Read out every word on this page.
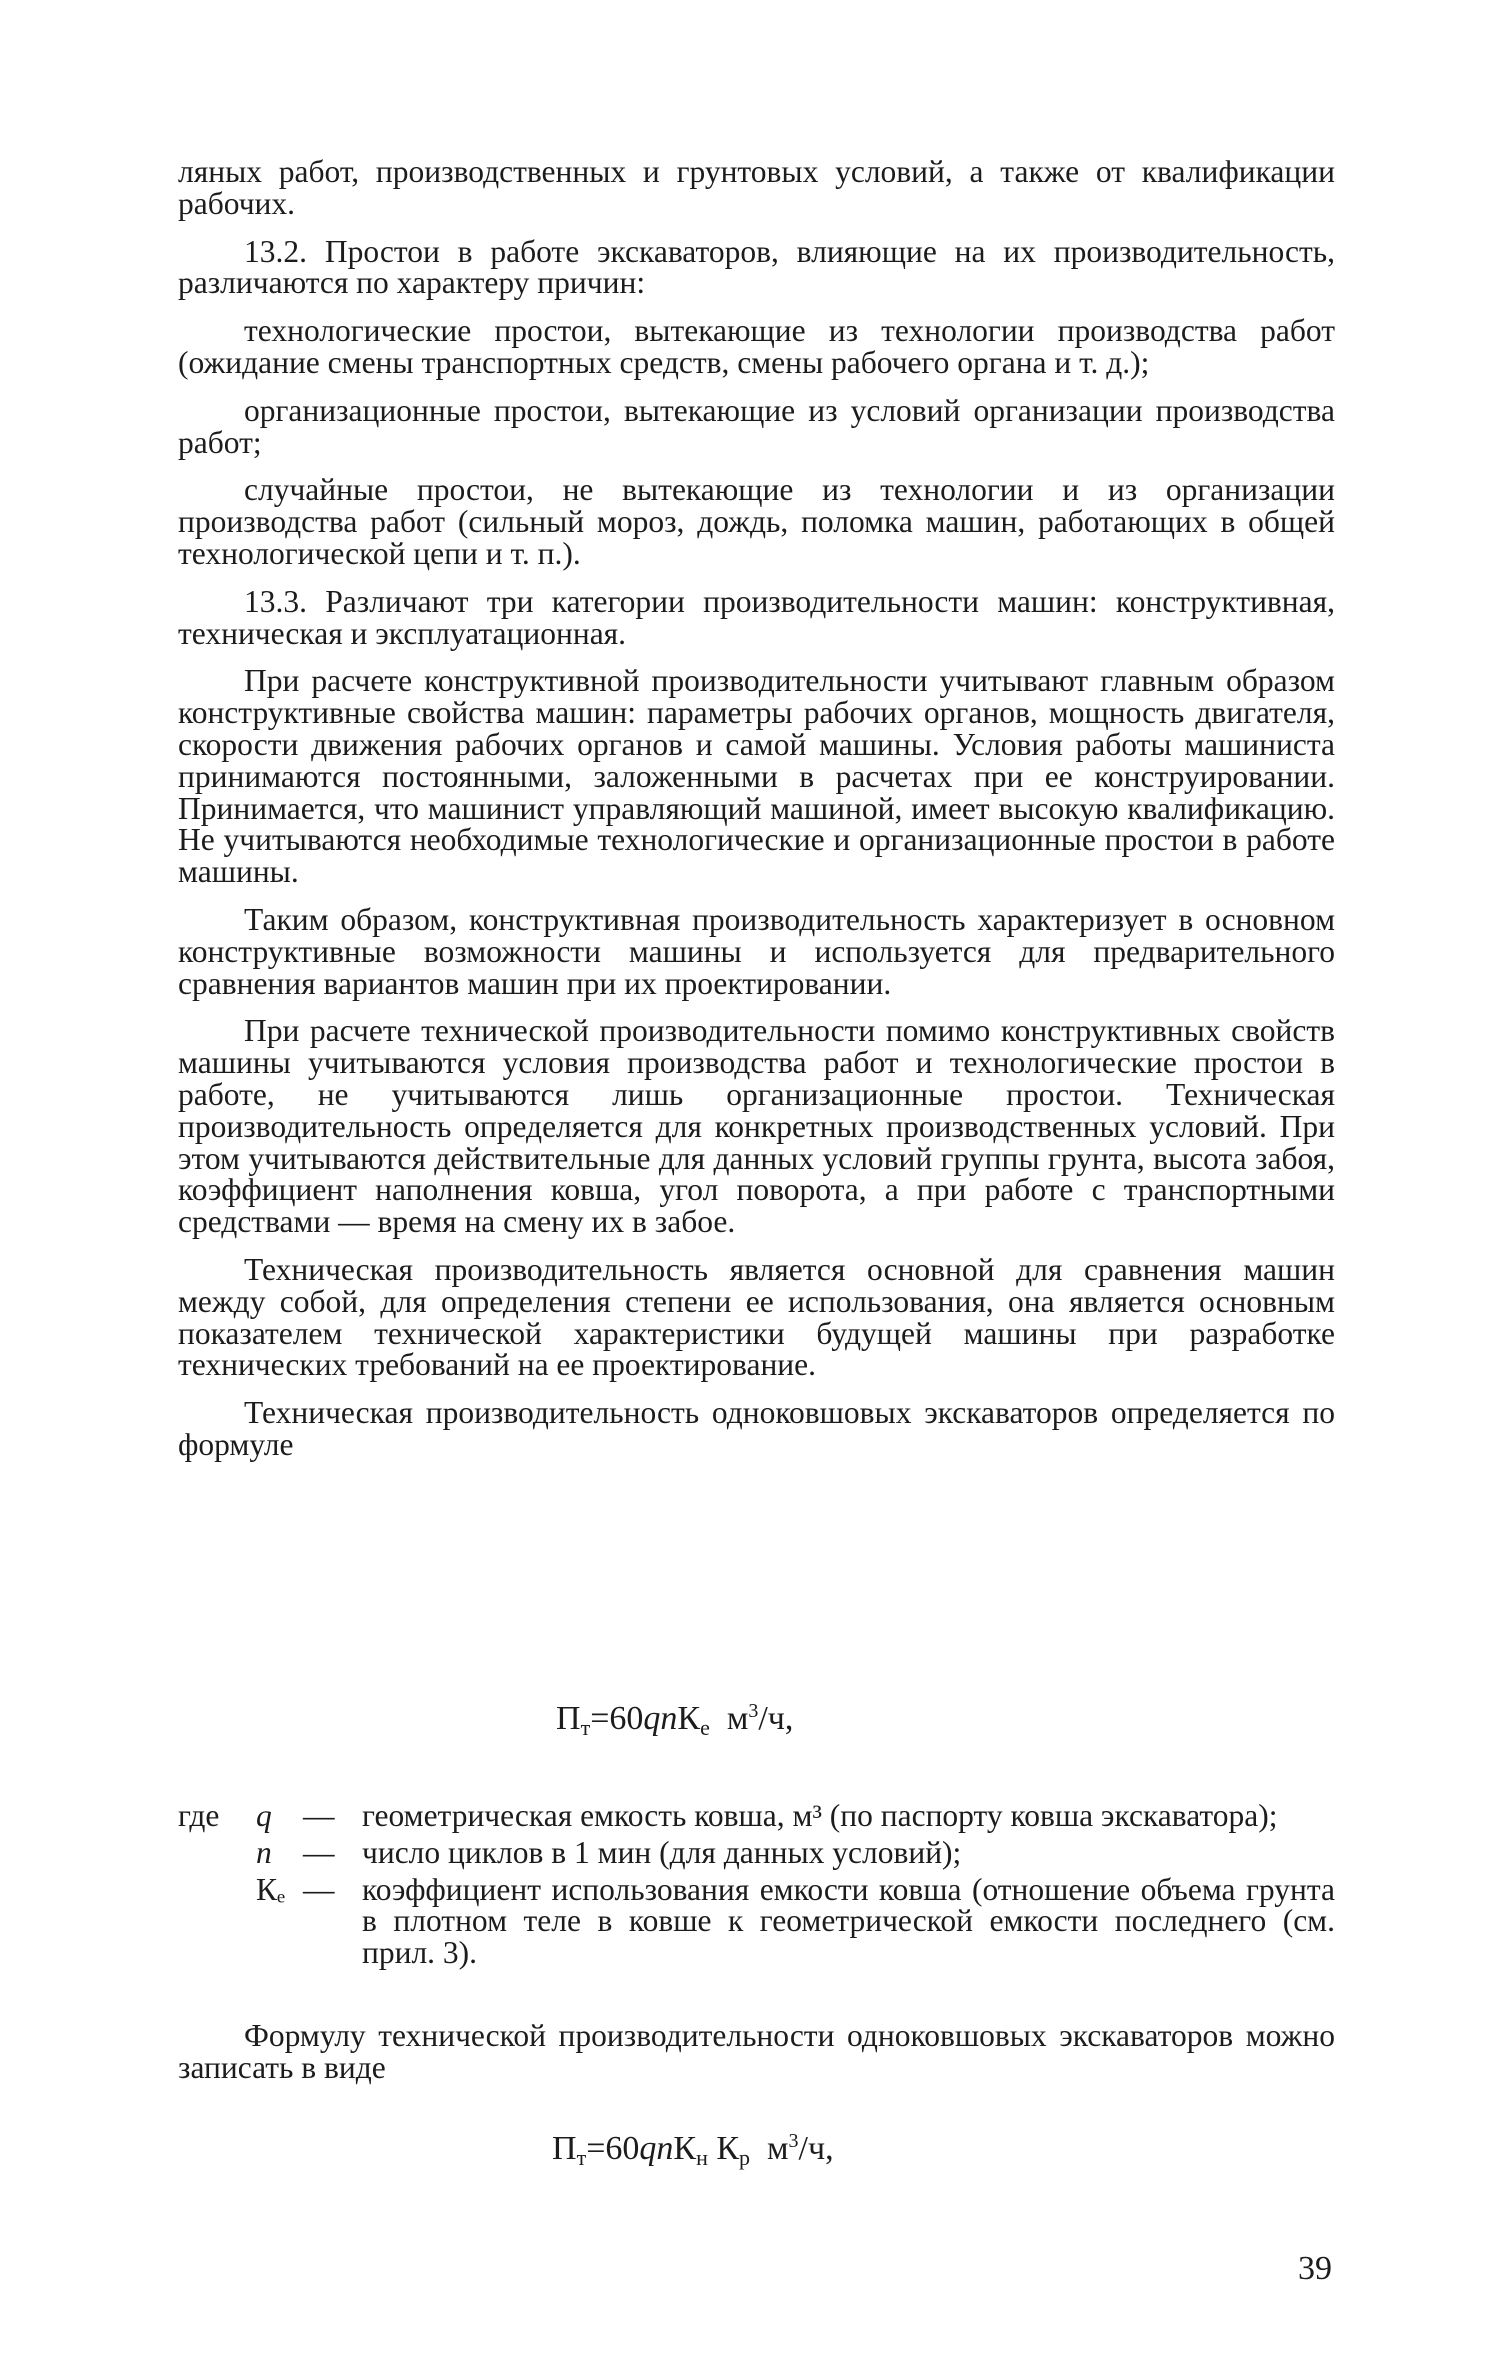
ляных работ, производственных и грунтовых условий, а также от квалификации рабочих.

13.2. Простои в работе экскаваторов, влияющие на их производительность, различаются по характеру причин:

технологические простои, вытекающие из технологии производства работ (ожидание смены транспортных средств, смены рабочего органа и т. д.);

организационные простои, вытекающие из условий организации производства работ;

случайные простои, не вытекающие из технологии и из организации производства работ (сильный мороз, дождь, поломка машин, работающих в общей технологической цепи и т. п.).

13.3. Различают три категории производительности машин: конструктивная, техническая и эксплуатационная.

При расчете конструктивной производительности учитывают главным образом конструктивные свойства машин: параметры рабочих органов, мощность двигателя, скорости движения рабочих органов и самой машины. Условия работы машиниста принимаются постоянными, заложенными в расчетах при ее конструировании. Принимается, что машинист управляющий машиной, имеет высокую квалификацию. Не учитываются необходимые технологические и организационные простои в работе машины.

Таким образом, конструктивная производительность характеризует в основном конструктивные возможности машины и используется для предварительного сравнения вариантов машин при их проектировании.

При расчете технической производительности помимо конструктивных свойств машины учитываются условия производства работ и технологические простои в работе, не учитываются лишь организационные простои. Техническая производительность определяется для конкретных производственных условий. При этом учитываются действительные для данных условий группы грунта, высота забоя, коэффициент наполнения ковша, угол поворота, а при работе с транспортными средствами — время на смену их в забое.

Техническая производительность является основной для сравнения машин между собой, для определения степени ее использования, она является основным показателем технической характеристики будущей машины при разработке технических требований на ее проектирование.

Техническая производительность одноковшовых экскаваторов определяется по формуле

$П_т=60qnК_е$ $м^3/ч$,
где q — геометрическая емкость ковша, м³ (по паспорту ковша экскаватора);
n — число циклов в 1 мин (для данных условий);
Кₑ — коэффициент использования емкости ковша (отношение объема грунта в плотном теле в ковше к геометрической емкости последнего (см. прил. 3).

Формулу технической производительности одноковшовых экскаваторов можно записать в виде

$П_т=60qnК_н$ $К_р$ $м^3/ч$,
39
